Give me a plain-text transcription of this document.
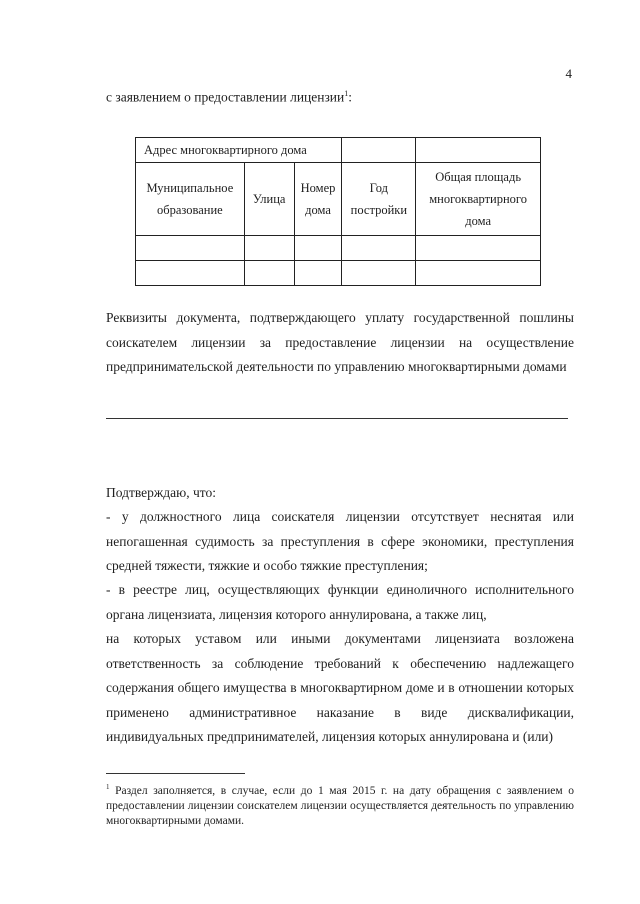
4
с заявлением о предоставлении лицензии$^1$:
Адрес многоквартирного дома				
Муниципальное образование	Улица	Номер дома	Год постройки	Общая площадь многоквартирного дома

Реквизиты документа, подтверждающего уплату государственной пошлины соискателем лицензии за предоставление лицензии на осуществление предпринимательской деятельности по управлению многоквартирными домами
Подтверждаю, что:
- у должностного лица соискателя лицензии отсутствует неснятая или непогашенная судимость за преступления в сфере экономики, преступления средней тяжести, тяжкие и особо тяжкие преступления;
- в реестре лиц, осуществляющих функции единоличного исполнительного органа лицензиата, лицензия которого аннулирована, а также лиц,
на которых уставом или иными документами лицензиата возложена ответственность за соблюдение требований к обеспечению надлежащего содержания общего имущества в многоквартирном доме и в отношении которых применено административное наказание в виде дисквалификации, индивидуальных предпринимателей, лицензия которых аннулирована и (или)
$^1$ Раздел заполняется, в случае, если до 1 мая 2015 г. на дату обращения с заявлением о предоставлении лицензии соискателем лицензии осуществляется деятельность по управлению многоквартирными домами.
